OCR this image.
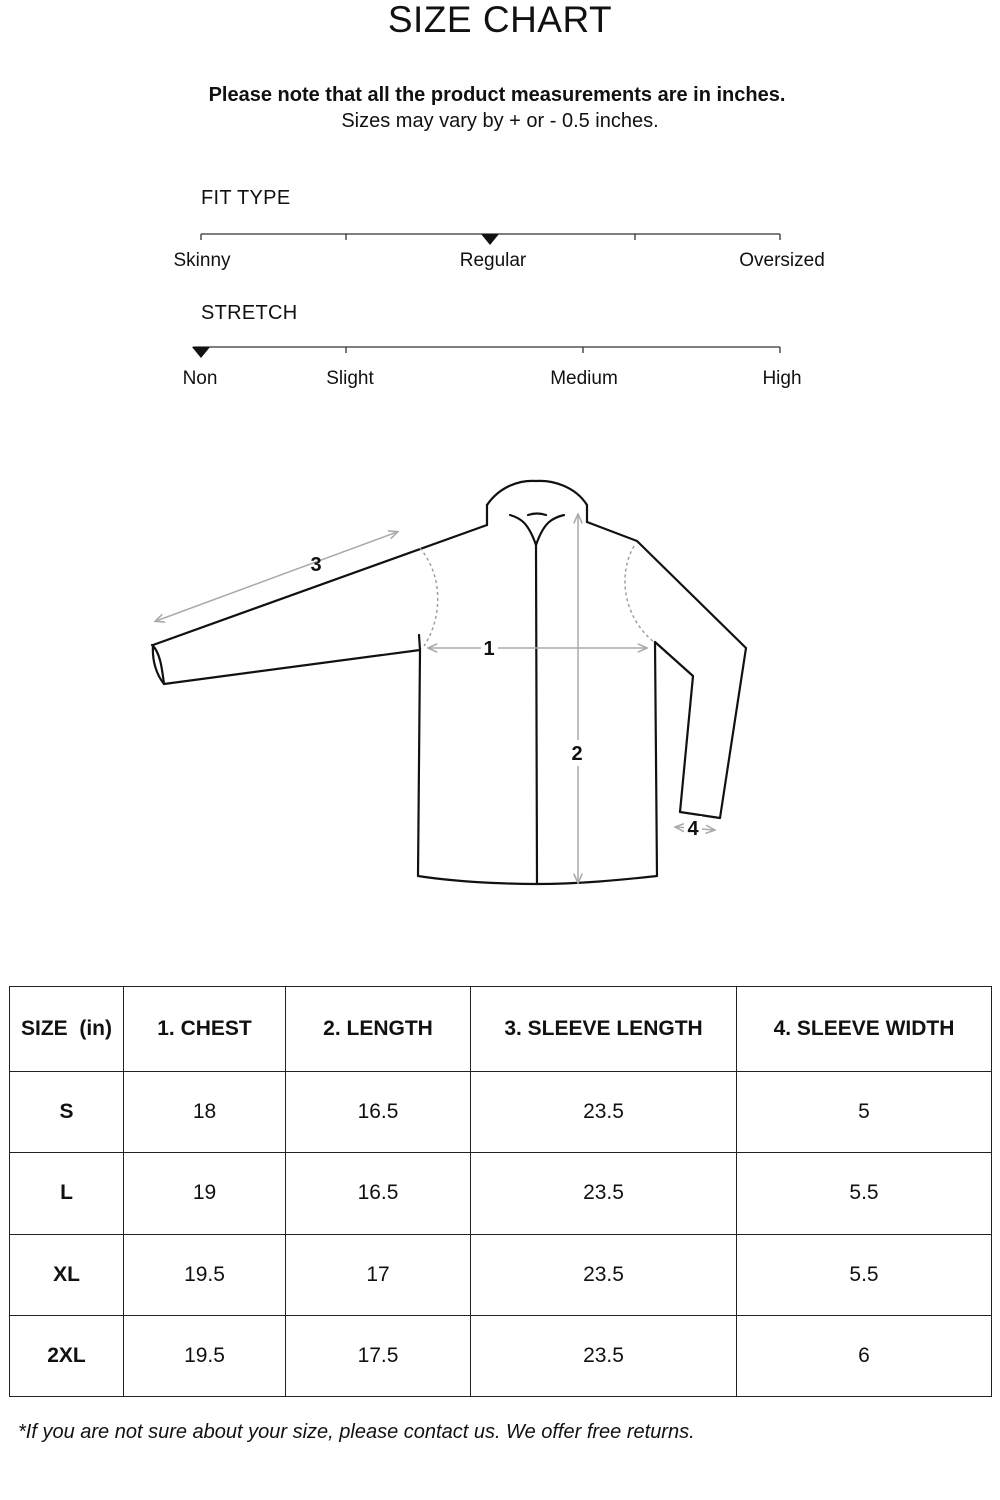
SIZE CHART
Please note that all the product measurements are in inches.
Sizes may vary by + or - 0.5 inches.
FIT TYPE
Skinny	Regular	Oversized
STRETCH
Non	Slight	Medium	High
3
1
2
4
SIZE  (in)	1. CHEST	2. LENGTH	3. SLEEVE LENGTH	4. SLEEVE WIDTH
S	18	16.5	23.5	5
L	19	16.5	23.5	5.5
XL	19.5	17	23.5	5.5
2XL	19.5	17.5	23.5	6
*If you are not sure about your size, please contact us. We offer free returns.
